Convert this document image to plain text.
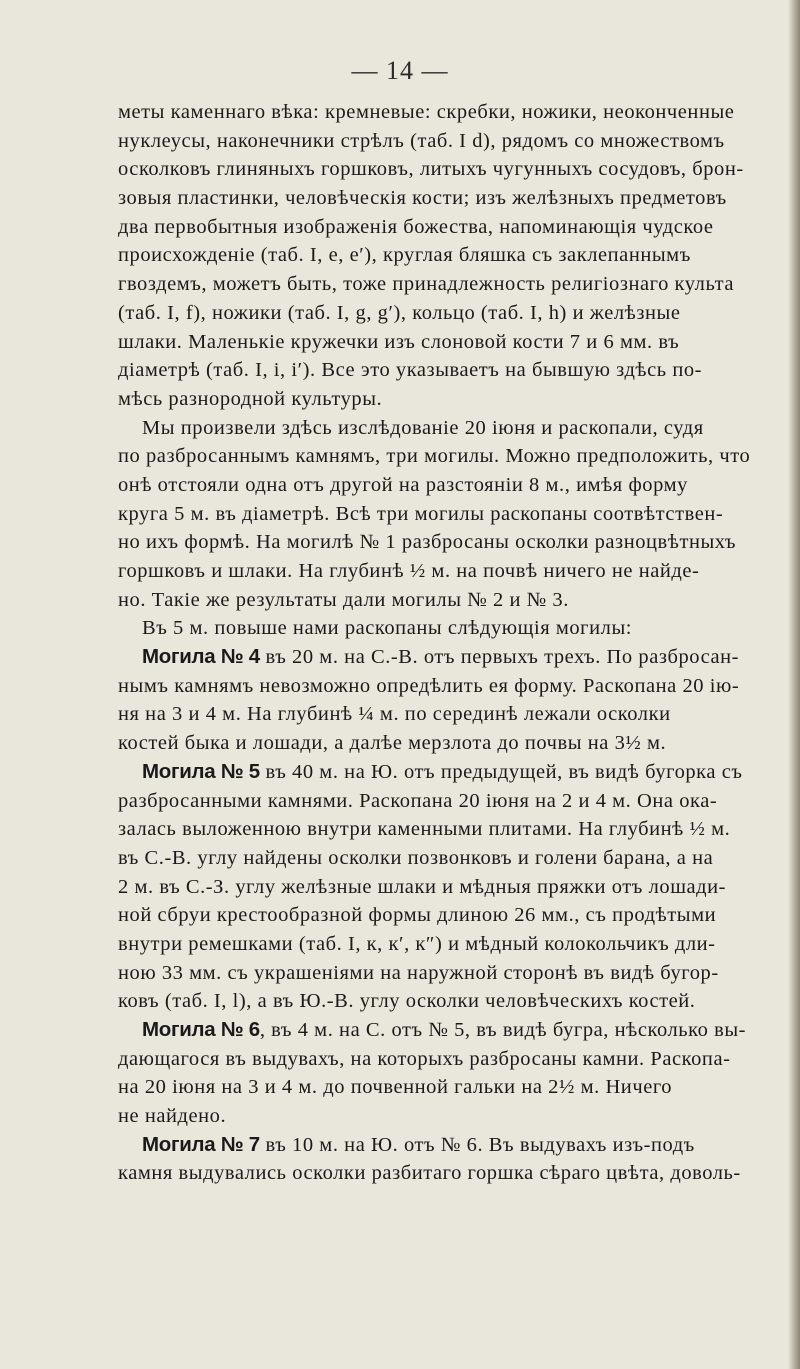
— 14 —
меты каменнаго вѣка: кремневые: скребки, ножики, неоконченные
нуклеусы, наконечники стрѣлъ (таб. I d), рядомъ со множествомъ
осколковъ глиняныхъ горшковъ, литыхъ чугунныхъ сосудовъ, брон-
зовыя пластинки, человѣческія кости; изъ желѣзныхъ предметовъ
два первобытныя изображенія божества, напоминающія чудское
происхожденіе (таб. I, e, e′), круглая бляшка съ заклепаннымъ
гвоздемъ, можетъ быть, тоже принадлежность религіознаго культа
(таб. I, f), ножики (таб. I, g, g′), кольцо (таб. I, h) и желѣзные
шлаки. Маленькіе кружечки изъ слоновой кости 7 и 6 мм. въ
діаметрѣ (таб. I, i, i′). Все это указываетъ на бывшую здѣсь по-
мѣсь разнородной культуры.
Мы произвели здѣсь изслѣдованіе 20 іюня и раскопали, судя
по разбросаннымъ камнямъ, три могилы. Можно предположить, что
онѣ отстояли одна отъ другой на разстояніи 8 м., имѣя форму
круга 5 м. въ діаметрѣ. Всѣ три могилы раскопаны соотвѣтствен-
но ихъ формѣ. На могилѣ № 1 разбросаны осколки разноцвѣтныхъ
горшковъ и шлаки. На глубинѣ ½ м. на почвѣ ничего не найде-
но. Такіе же результаты дали могилы № 2 и № 3.
Въ 5 м. повыше нами раскопаны слѣдующія могилы:
Могила № 4 въ 20 м. на С.-В. отъ первыхъ трехъ. По разбросан-
нымъ камнямъ невозможно опредѣлить ея форму. Раскопана 20 ію-
ня на 3 и 4 м. На глубинѣ ¼ м. по серединѣ лежали осколки
костей быка и лошади, а далѣе мерзлота до почвы на 3½ м.
Могила № 5 въ 40 м. на Ю. отъ предыдущей, въ видѣ бугорка съ
разбросанными камнями. Раскопана 20 іюня на 2 и 4 м. Она ока-
залась выложенною внутри каменными плитами. На глубинѣ ½ м.
въ С.-В. углу найдены осколки позвонковъ и голени барана, а на
2 м. въ С.-З. углу желѣзные шлаки и мѣдныя пряжки отъ лошади-
ной сбруи крестообразной формы длиною 26 мм., съ продѣтыми
внутри ремешками (таб. I, к, к′, к″) и мѣдный колокольчикъ дли-
ною 33 мм. съ украшеніями на наружной сторонѣ въ видѣ бугор-
ковъ (таб. I, l), а въ Ю.-В. углу осколки человѣческихъ костей.
Могила № 6, въ 4 м. на С. отъ № 5, въ видѣ бугра, нѣсколько вы-
дающагося въ выдувахъ, на которыхъ разбросаны камни. Раскопа-
на 20 іюня на 3 и 4 м. до почвенной гальки на 2½ м. Ничего
не найдено.
Могила № 7 въ 10 м. на Ю. отъ № 6. Въ выдувахъ изъ-подъ
камня выдувались осколки разбитаго горшка сѣраго цвѣта, доволь-
